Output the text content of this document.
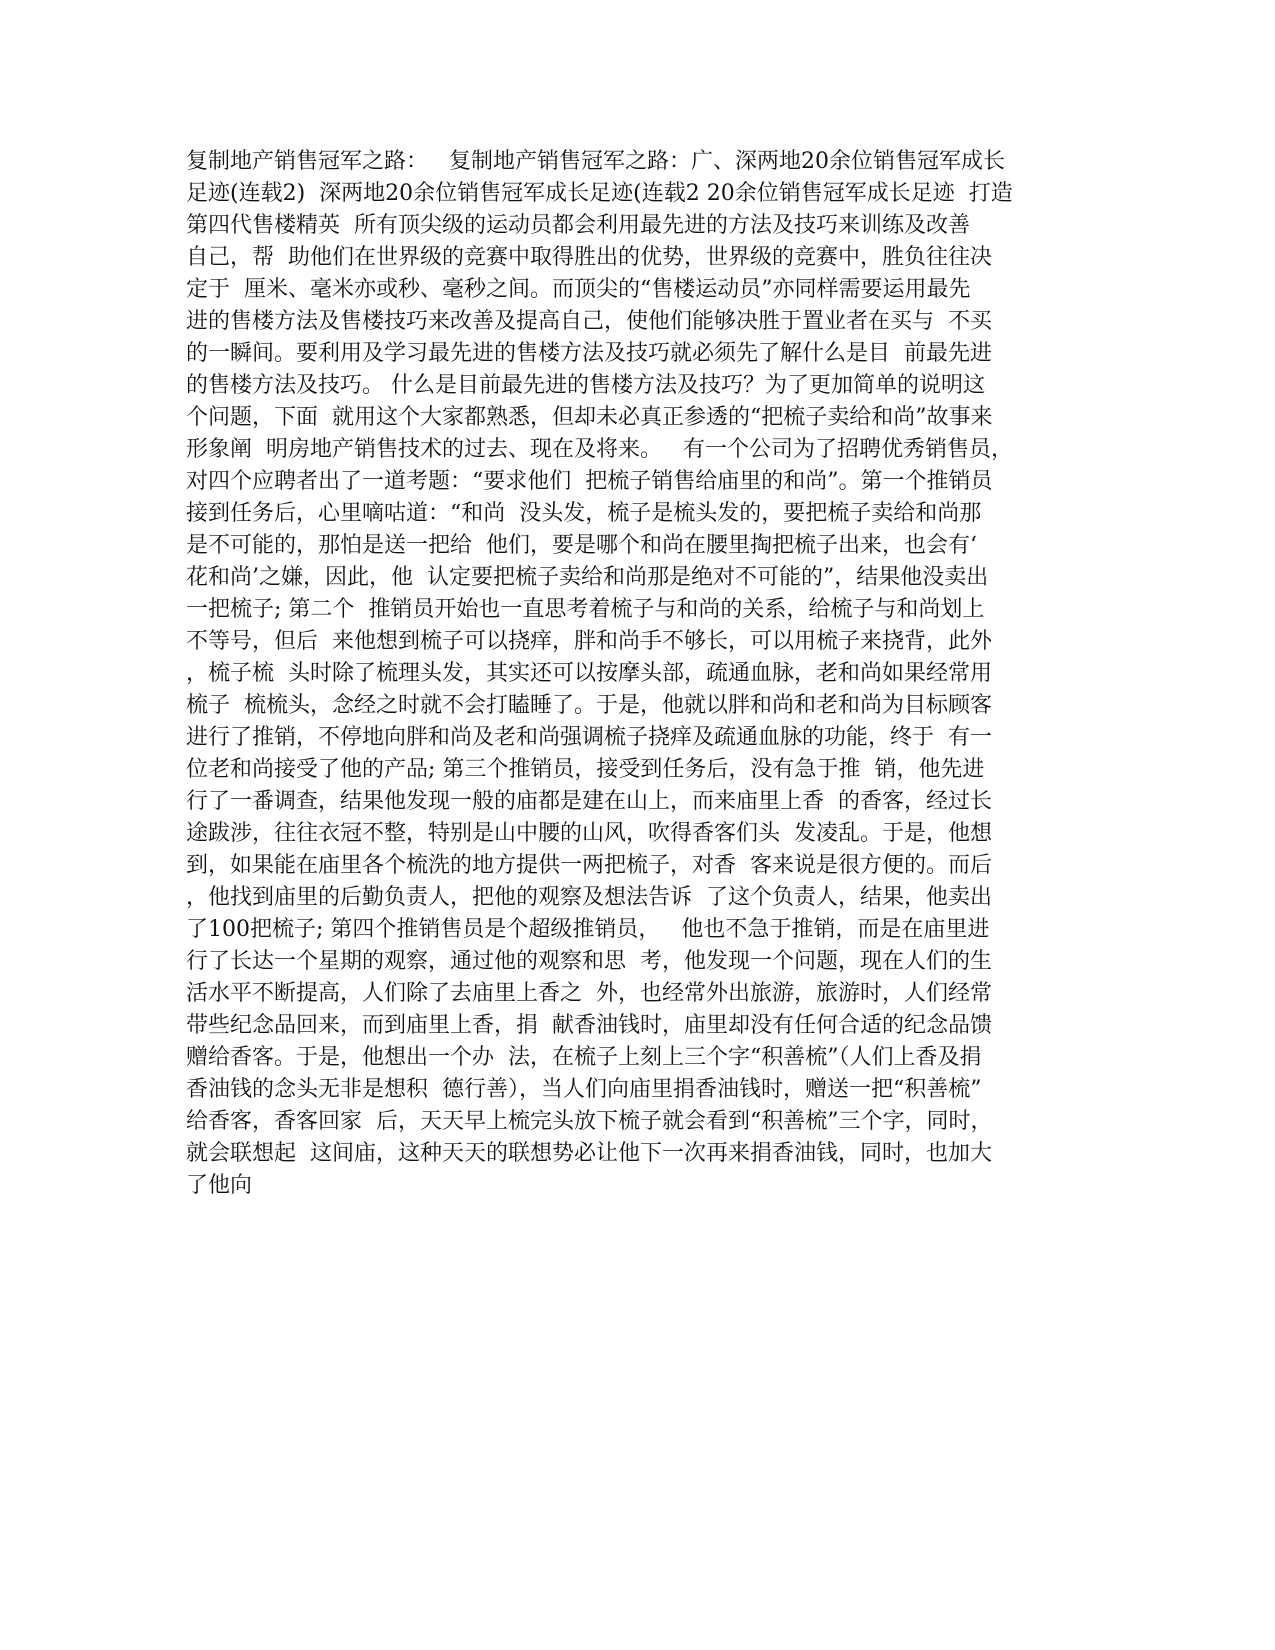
复制地产销售冠军之路：   复制地产销售冠军之路：广、深两地20余位销售冠军成长
足迹(连载2)  深两地20余位销售冠军成长足迹(连载2 20余位销售冠军成长足迹  打造
第四代售楼精英  所有顶尖级的运动员都会利用最先进的方法及技巧来训练及改善
自己，帮  助他们在世界级的竞赛中取得胜出的优势，世界级的竞赛中，胜负往往决
定于  厘米、毫米亦或秒、毫秒之间。而顶尖的“售楼运动员”亦同样需要运用最先
进的售楼方法及售楼技巧来改善及提高自己，使他们能够决胜于置业者在买与  不买
的一瞬间。要利用及学习最先进的售楼方法及技巧就必须先了解什么是目  前最先进
的售楼方法及技巧。 什么是目前最先进的售楼方法及技巧？为了更加简单的说明这
个问题，下面  就用这个大家都熟悉，但却未必真正参透的“把梳子卖给和尚”故事来
形象阐  明房地产销售技术的过去、现在及将来。   有一个公司为了招聘优秀销售员，
对四个应聘者出了一道考题：“要求他们  把梳子销售给庙里的和尚”。第一个推销员
接到任务后，心里嘀咕道：“和尚  没头发，梳子是梳头发的，要把梳子卖给和尚那
是不可能的，那怕是送一把给  他们，要是哪个和尚在腰里掏把梳子出来，也会有‘
花和尚’之嫌，因此，他  认定要把梳子卖给和尚那是绝对不可能的”，结果他没卖出
一把梳子; 第二个  推销员开始也一直思考着梳子与和尚的关系，给梳子与和尚划上
不等号，但后  来他想到梳子可以挠痒，胖和尚手不够长，可以用梳子来挠背，此外
，梳子梳  头时除了梳理头发，其实还可以按摩头部，疏通血脉，老和尚如果经常用
梳子  梳梳头，念经之时就不会打瞌睡了。于是，他就以胖和尚和老和尚为目标顾客
进行了推销，不停地向胖和尚及老和尚强调梳子挠痒及疏通血脉的功能，终于  有一
位老和尚接受了他的产品; 第三个推销员，接受到任务后，没有急于推  销，他先进
行了一番调查，结果他发现一般的庙都是建在山上，而来庙里上香  的香客，经过长
途跋涉，往往衣冠不整，特别是山中腰的山风，吹得香客们头  发凌乱。于是，他想
到，如果能在庙里各个梳洗的地方提供一两把梳子，对香  客来说是很方便的。而后
，他找到庙里的后勤负责人，把他的观察及想法告诉  了这个负责人，结果，他卖出
了100把梳子; 第四个推销售员是个超级推销员，   他也不急于推销，而是在庙里进
行了长达一个星期的观察，通过他的观察和思  考，他发现一个问题，现在人们的生
活水平不断提高，人们除了去庙里上香之  外，也经常外出旅游，旅游时，人们经常
带些纪念品回来，而到庙里上香，捐  献香油钱时，庙里却没有任何合适的纪念品馈
赠给香客。于是，他想出一个办  法，在梳子上刻上三个字“积善梳”（人们上香及捐
香油钱的念头无非是想积  德行善），当人们向庙里捐香油钱时，赠送一把“积善梳”
给香客，香客回家  后，天天早上梳完头放下梳子就会看到“积善梳”三个字，同时，
就会联想起  这间庙，这种天天的联想势必让他下一次再来捐香油钱，同时，也加大
了他向
